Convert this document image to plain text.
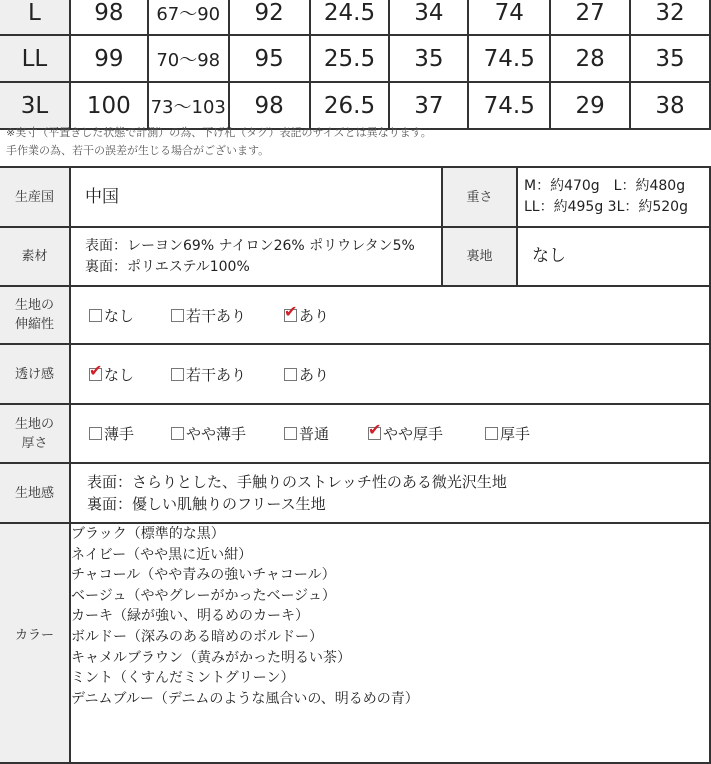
L	98	67〜90	92	24.5	34	74	27	32
LL	99	70〜98	95	25.5	35	74.5	28	35
3L	100	73〜103	98	26.5	37	74.5	29	38
※実寸（平置きした状態で計測）の為、下げ札（タグ）表記のサイズとは異なります。
手作業の為、若干の誤差が生じる場合がございます。
生産国	中国	重さ	M：約470g　L：約480g
LL：約495g 3L：約520g

素材	表面：レーヨン69% ナイロン26% ポリウレタン5%
裏面：ポリエステル100%	裏地	なし

生地の
伸縮性	なし	若干あり ✔ あり

透け感	✔ なし 若干あり あり		

生地の
厚さ	薄手	やや薄手	普通 ✔ やや厚手	厚手

生地感	表面：さらりとした、手触りのストレッチ性のある微光沢生地
裏面：優しい肌触りのフリース生地		

カラー	
ブラック（標準的な黒）
ネイビー（やや黒に近い紺）
チャコール（やや青みの強いチャコール）
ベージュ（ややグレーがかったベージュ）
カーキ（緑が強い、明るめのカーキ）
ボルドー（深みのある暗めのボルドー）
キャメルブラウン（黄みがかった明るい茶）
ミント（くすんだミントグリーン）
デニムブルー（デニムのような風合いの、明るめの青）
